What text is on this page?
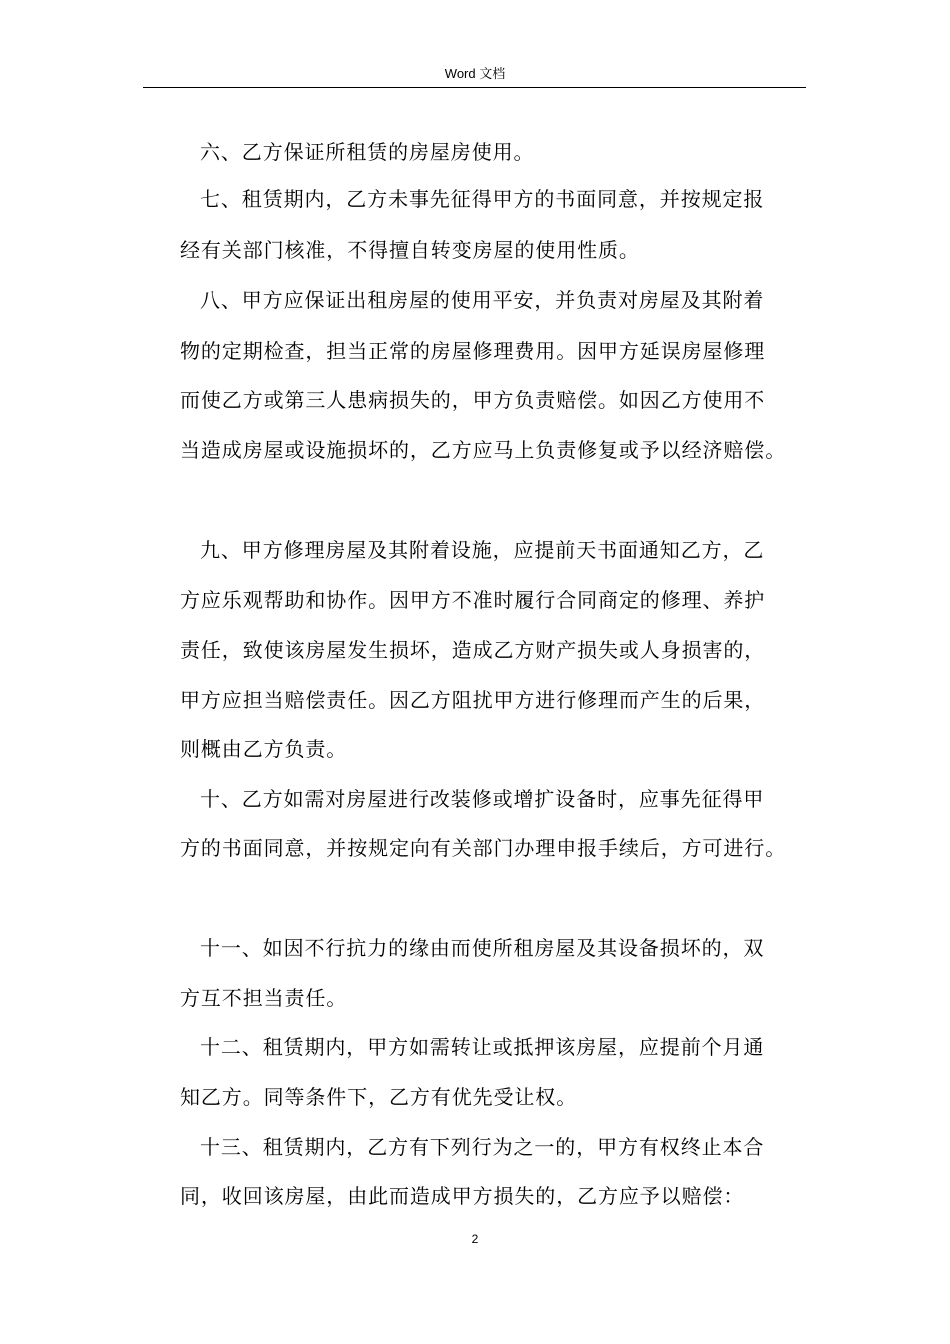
Word 文档
六、乙方保证所租赁的房屋房使用。
七、租赁期内，乙方未事先征得甲方的书面同意，并按规定报
经有关部门核准，不得擅自转变房屋的使用性质。
八、甲方应保证出租房屋的使用平安，并负责对房屋及其附着
物的定期检查，担当正常的房屋修理费用。因甲方延误房屋修理
而使乙方或第三人患病损失的，甲方负责赔偿。如因乙方使用不
当造成房屋或设施损坏的，乙方应马上负责修复或予以经济赔偿。
九、甲方修理房屋及其附着设施，应提前天书面通知乙方，乙
方应乐观帮助和协作。因甲方不准时履行合同商定的修理、养护
责任，致使该房屋发生损坏，造成乙方财产损失或人身损害的，
甲方应担当赔偿责任。因乙方阻扰甲方进行修理而产生的后果，
则概由乙方负责。
十、乙方如需对房屋进行改装修或增扩设备时，应事先征得甲
方的书面同意，并按规定向有关部门办理申报手续后，方可进行。
十一、如因不行抗力的缘由而使所租房屋及其设备损坏的，双
方互不担当责任。
十二、租赁期内，甲方如需转让或抵押该房屋，应提前个月通
知乙方。同等条件下，乙方有优先受让权。
十三、租赁期内，乙方有下列行为之一的，甲方有权终止本合
同，收回该房屋，由此而造成甲方损失的，乙方应予以赔偿：
2
